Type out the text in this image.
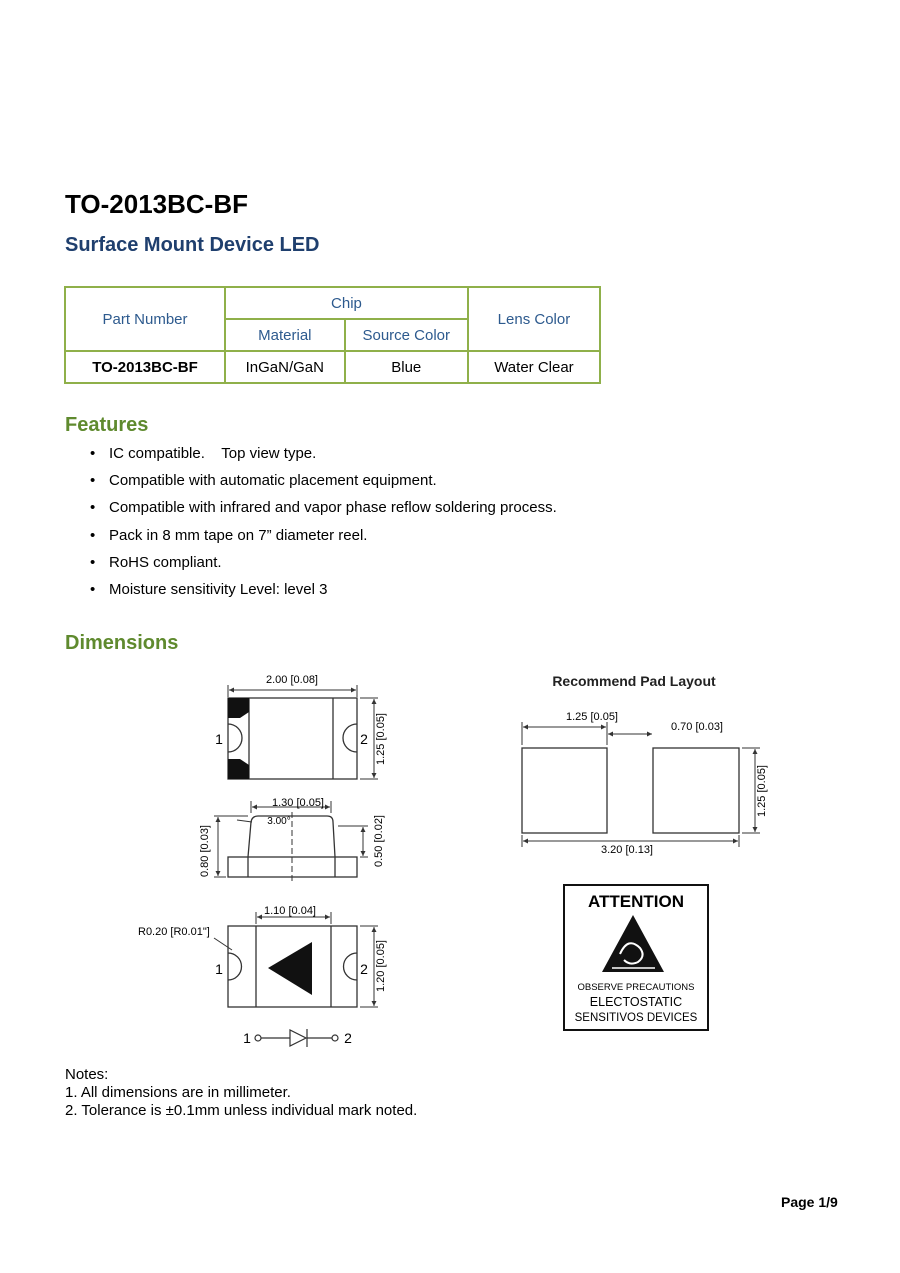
TO-2013BC-BF
Surface Mount Device LED
Part Number	Chip		Lens Color
	Material	Source Color	
TO-2013BC-BF	InGaN/GaN	Blue	Water Clear
Features
• IC compatible.    Top view type.
• Compatible with automatic placement equipment.
• Compatible with infrared and vapor phase reflow soldering process.
• Pack in 8 mm tape on 7” diameter reel.
• RoHS compliant.
• Moisture sensitivity Level: level 3
Dimensions
2.00 [0.08]
1	2 1.25 [0.05]
1.30 [0.05]
3.00°
0.80 [0.03]	0.50 [0.02]
1.10 [0.04]
R0.20 [R0.01"]
1	2 1.20 [0.05]
1	2
Recommend Pad Layout
1.25 [0.05]
0.70 [0.03]
1.25 [0.05]
3.20 [0.13]
ATTENTION
OBSERVE PRECAUTIONS
ELECTOSTATIC
SENSITIVOS DEVICES
Notes:
1. All dimensions are in millimeter.
2. Tolerance is ±0.1mm unless individual mark noted.
Page 1/9
